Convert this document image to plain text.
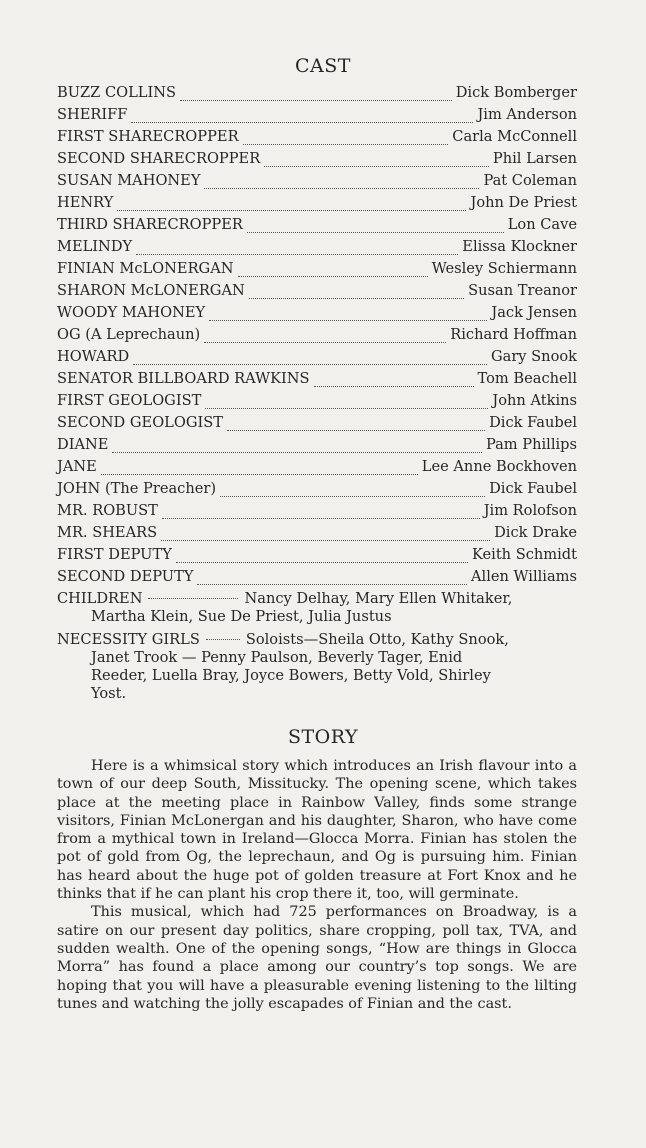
CAST
BUZZ COLLINS	Dick Bomberger
SHERIFF	Jim Anderson
FIRST SHARECROPPER	Carla McConnell
SECOND SHARECROPPER	Phil Larsen
SUSAN MAHONEY	Pat Coleman
HENRY	John De Priest
THIRD SHARECROPPER	Lon Cave
MELINDY	Elissa Klockner
FINIAN McLONERGAN	Wesley Schiermann
SHARON McLONERGAN	Susan Treanor
WOODY MAHONEY	Jack Jensen
OG (A Leprechaun)	Richard Hoffman
HOWARD	Gary Snook
SENATOR BILLBOARD RAWKINS	Tom Beachell
FIRST GEOLOGIST	John Atkins
SECOND GEOLOGIST	Dick Faubel
DIANE	Pam Phillips
JANE	Lee Anne Bockhoven
JOHN (The Preacher)	Dick Faubel
MR. ROBUST	Jim Rolofson
MR. SHEARS	Dick Drake
FIRST DEPUTY	Keith Schmidt
SECOND DEPUTY	Allen Williams
CHILDREN	Nancy Delhay, Mary Ellen Whitaker,
Martha Klein, Sue De Priest, Julia Justus
NECESSITY GIRLS	Soloists—Sheila Otto, Kathy Snook,
Janet Trook — Penny Paulson, Beverly Tager, Enid
Reeder, Luella Bray, Joyce Bowers, Betty Vold, Shirley
Yost.
STORY

Here is a whimsical story which introduces an Irish flavour into a town of our deep South, Missitucky. The opening scene, which takes place at the meeting place in Rainbow Valley, finds some strange visitors, Finian McLonergan and his daughter, Sharon, who have come from a mythical town in Ireland—Glocca Morra. Finian has stolen the pot of gold from Og, the leprechaun, and Og is pursuing him. Finian has heard about the huge pot of golden treasure at Fort Knox and he thinks that if he can plant his crop there it, too, will germinate.

This musical, which had 725 performances on Broadway, is a satire on our present day politics, share cropping, poll tax, TVA, and sudden wealth. One of the opening songs, “How are things in Glocca Morra” has found a place among our country’s top songs. We are hoping that you will have a pleasurable evening listening to the lilting tunes and watching the jolly escapades of Finian and the cast.
